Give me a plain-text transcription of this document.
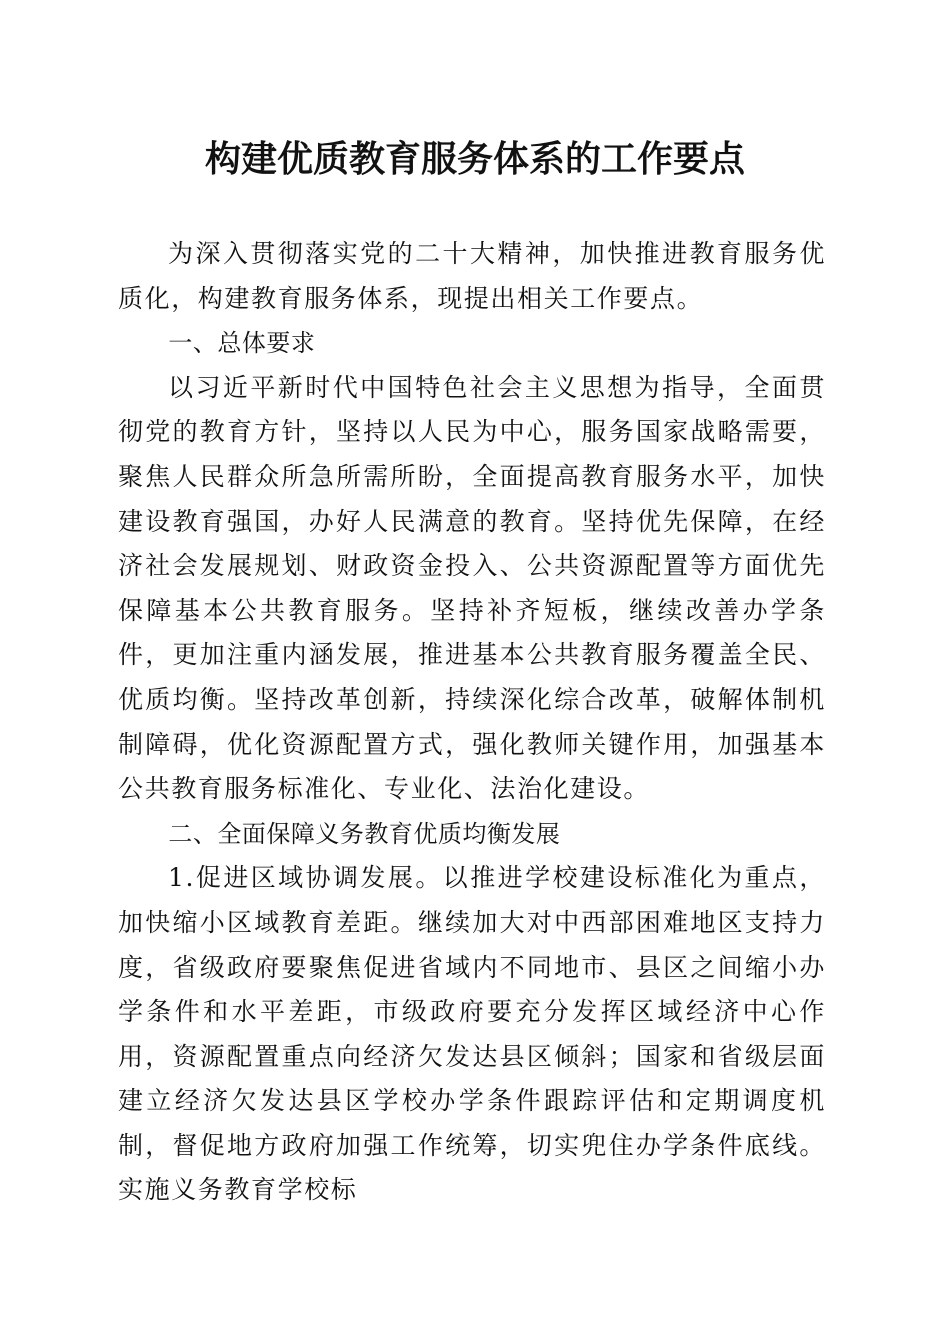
构建优质教育服务体系的工作要点

为深入贯彻落实党的二十大精神，加快推进教育服务优质化，构建教育服务体系，现提出相关工作要点。

一、总体要求

以习近平新时代中国特色社会主义思想为指导，全面贯彻党的教育方针，坚持以人民为中心，服务国家战略需要，聚焦人民群众所急所需所盼，全面提高教育服务水平，加快建设教育强国，办好人民满意的教育。坚持优先保障，在经济社会发展规划、财政资金投入、公共资源配置等方面优先保障基本公共教育服务。坚持补齐短板，继续改善办学条件，更加注重内涵发展，推进基本公共教育服务覆盖全民、优质均衡。坚持改革创新，持续深化综合改革，破解体制机制障碍，优化资源配置方式，强化教师关键作用，加强基本公共教育服务标准化、专业化、法治化建设。

二、全面保障义务教育优质均衡发展

1.促进区域协调发展。以推进学校建设标准化为重点，加快缩小区域教育差距。继续加大对中西部困难地区支持力度，省级政府要聚焦促进省域内不同地市、县区之间缩小办学条件和水平差距，市级政府要充分发挥区域经济中心作用，资源配置重点向经济欠发达县区倾斜；国家和省级层面建立经济欠发达县区学校办学条件跟踪评估和定期调度机制，督促地方政府加强工作统筹，切实兜住办学条件底线。实施义务教育学校标
